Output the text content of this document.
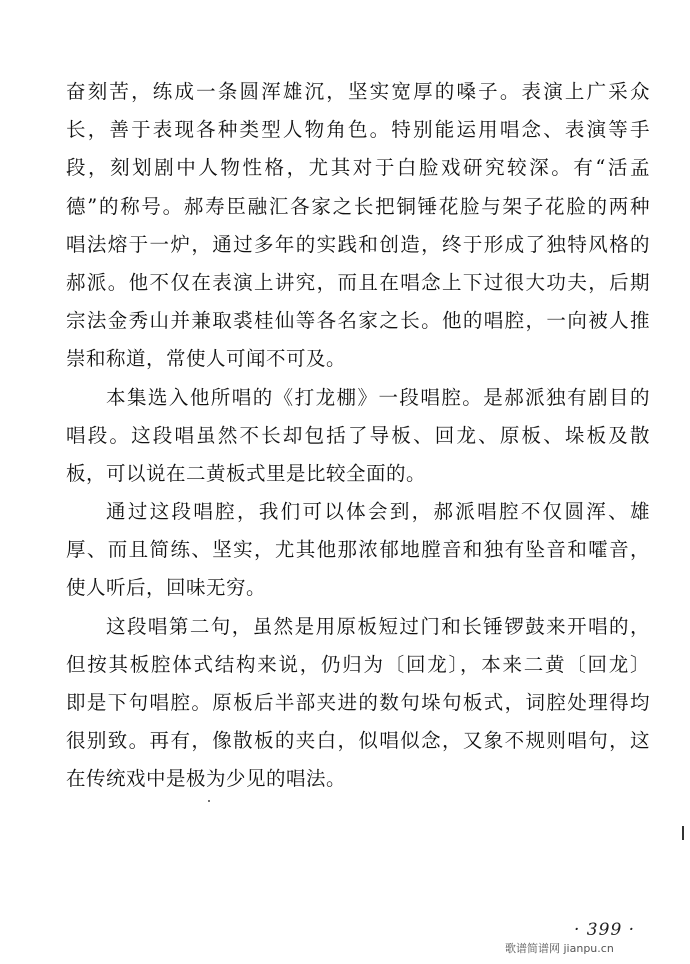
奋刻苦，练成一条圆浑雄沉，坚实宽厚的嗓子。表演上广采众
长，善于表现各种类型人物角色。特别能运用唱念、表演等手
段，刻划剧中人物性格，尤其对于白脸戏研究较深。有“活孟
德”的称号。郝寿臣融汇各家之长把铜锤花脸与架子花脸的两种
唱法熔于一炉，通过多年的实践和创造，终于形成了独特风格的
郝派。他不仅在表演上讲究，而且在唱念上下过很大功夫，后期
宗法金秀山并兼取裘桂仙等各名家之长。他的唱腔，一向被人推
崇和称道，常使人可闻不可及。
本集选入他所唱的《打龙棚》一段唱腔。是郝派独有剧目的
唱段。这段唱虽然不长却包括了导板、回龙、原板、垛板及散
板，可以说在二黄板式里是比较全面的。
通过这段唱腔，我们可以体会到，郝派唱腔不仅圆浑、雄
厚、而且简练、坚实，尤其他那浓郁地膛音和独有坠音和嚯音，
使人听后，回味无穷。
这段唱第二句，虽然是用原板短过门和长锤锣鼓来开唱的，
但按其板腔体式结构来说，仍归为〔回龙〕，本来二黄〔回龙〕
即是下句唱腔。原板后半部夹进的数句垛句板式，词腔处理得均
很别致。再有，像散板的夹白，似唱似念，又象不规则唱句，这
在传统戏中是极为少见的唱法。
· 399 ·
歌谱简谱网 jianpu.cn
